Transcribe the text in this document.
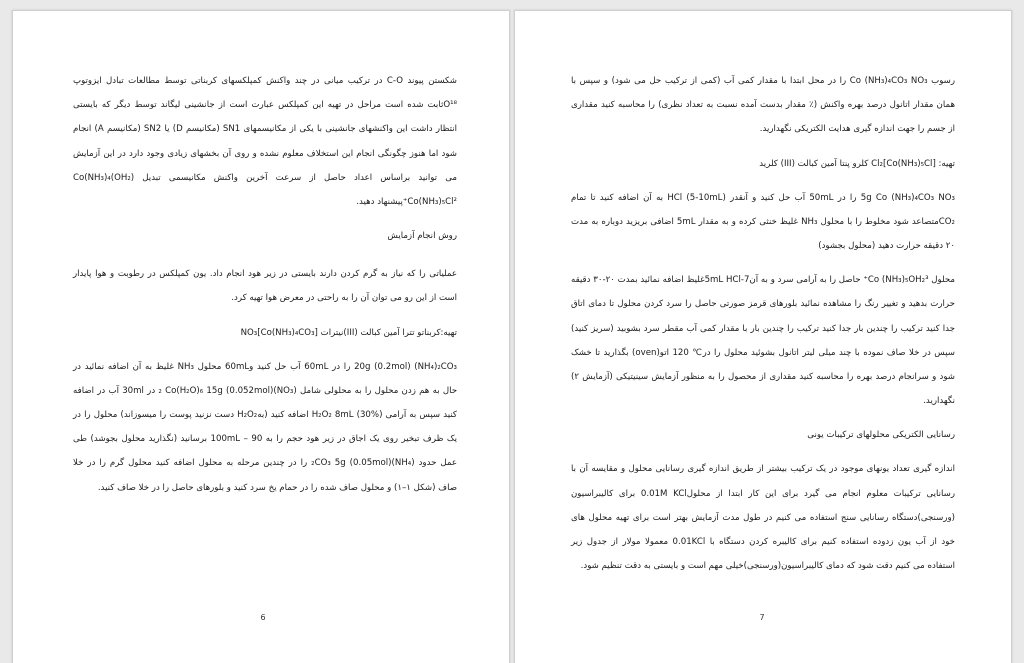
شکستن پیوند C-O در ترکیب میانی در چند واکنش کمپلکسهای کربناتی توسط مطالعات تبادل ایزوتوپ O¹⁸ثابت شده است مراحل در تهیه این کمپلکس عبارت است از جانشینی لیگاند توسط دیگر که بایستی انتظار داشت این واکنشهای جانشینی با یکی از مکانیسمهای SN1 (مکانیسم D) یا SN2 (مکانیسم A) انجام شود اما هنوز چگونگی انجام این استخلاف معلوم نشده و روی آن بخشهای زیادی وجود دارد در این آزمایش می توانید براساس اعداد حاصل از سرعت آخرین واکنش مکانیسمی تبدیل Co(NH₃)₄(OH₂) Co(NH₃)₅Cl²⁺پیشنهاد دهید.

روش انجام آزمایش

عملیاتی را که نیاز به گرم کردن دارند بایستی در زیر هود انجام داد. یون کمپلکس در رطوبت و هوا پایدار است از این رو می توان آن را به راحتی در معرض هوا تهیه کرد.

تهیه:کربناتو تترا آمین کبالت (III)نیترات [Co(NH₃)₄CO₃]NO₃

20g (0.2mol) (NH₄)₂CO₃ را در 60mL آب حل کنید و60mL محلول NH₃ غلیظ به آن اضافه نمائید در حال به هم زدن محلول را به محلولی شامل (NO₃)₂ Co(H₂O)₆ 15g (0.052mol) در 30ml آب در اضافه کنید سپس به آرامی H₂O₂ 8mL (30%) اضافه کنید (به‌H₂O₂ دست نزنید پوست را میسوزاند) محلول را در یک ظرف تبخیر روی یک اجاق در زیر هود حجم را به 90 – 100mL برسانید (نگذارید محلول بجوشد) طی عمل حدود (NH₄)₂CO₃ 5g (0.05mol) را در چندین مرحله به محلول اضافه کنید محلول گرم را در خلا صاف (شکل ۱–۱) و محلول صاف شده را در حمام یخ سرد کنید و بلورهای حاصل را در خلا صاف کنید.

6

رسوب Co (NH₃)₄CO₃ NO₃ را در محل ابتدا با مقدار کمی آب (کمی از ترکیب حل می شود) و سپس با همان مقدار اتانول درصد بهره واکنش (٪ مقدار بدست آمده نسبت به تعداد نظری) را محاسبه کنید مقداری از جسم را جهت اندازه گیری هدایت الکتریکی نگهدارید.

تهیه: [Co(NH₃)₅Cl]Cl₂ کلرو پنتا آمین کبالت (III) کلرید

5g Co (NH₃)₄CO₃ NO₃ را در 50mL آب حل کنید و آنقدر HCl (5-10mL) به آن اضافه کنید تا تمام CO₂متصاعد شود مخلوط را با محلول NH₃ غلیظ خنثی کرده و به مقدار 5mL اضافی بریزید دوباره به مدت ۲۰ دقیقه حرارت دهید (محلول بجشود)

محلول Co (NH₃)₅OH₂³⁺ حاصل را به آرامی سرد و به آن7-5mL HClغلیظ اضافه نمائید بمدت ۲۰-۳۰ دقیقه حرارت بدهید و تغییر رنگ را مشاهده نمائید بلورهای قرمز صورتی حاصل را سرد کردن محلول تا دمای اتاق جدا کنید ترکیب را چندین بار جدا کنید ترکیب را چندین بار با مقدار کمی آب مقطر سرد بشوبید (سریز کنید) سپس در خلا صاف نموده با چند میلی لیتر اتانول بشوئید محلول را در℃ 120 اتو(oven) بگذارید تا خشک شود و سرانجام درصد بهره را محاسبه کنید مقداری از محصول را به منظور آزمایش سینیتیکی (آزمایش ۲) نگهدارید.

رسانایی الکتریکی محلولهای ترکیبات یونی

اندازه گیری تعداد یونهای موجود در یک ترکیب بیشتر از طریق اندازه گیری رسانایی محلول و مقایسه آن با رسانایی ترکیبات معلوم انجام می گیرد برای این کار ابتدا از محلول0.01M KCl برای کالیبراسیون (ورسنجی)دستگاه رسانایی سنج استفاده می کنیم در طول مدت آزمایش بهتر است برای تهیه محلول های خود از آب یون زدوده استفاده کنیم برای کالیبره کردن دستگاه با 0.01KCl معمولا مولار از جدول زیر استفاده می کنیم دقت شود که دمای کالیبراسیون(ورسنجی)خیلی مهم است و بایستی به دقت تنظیم شود.

7
